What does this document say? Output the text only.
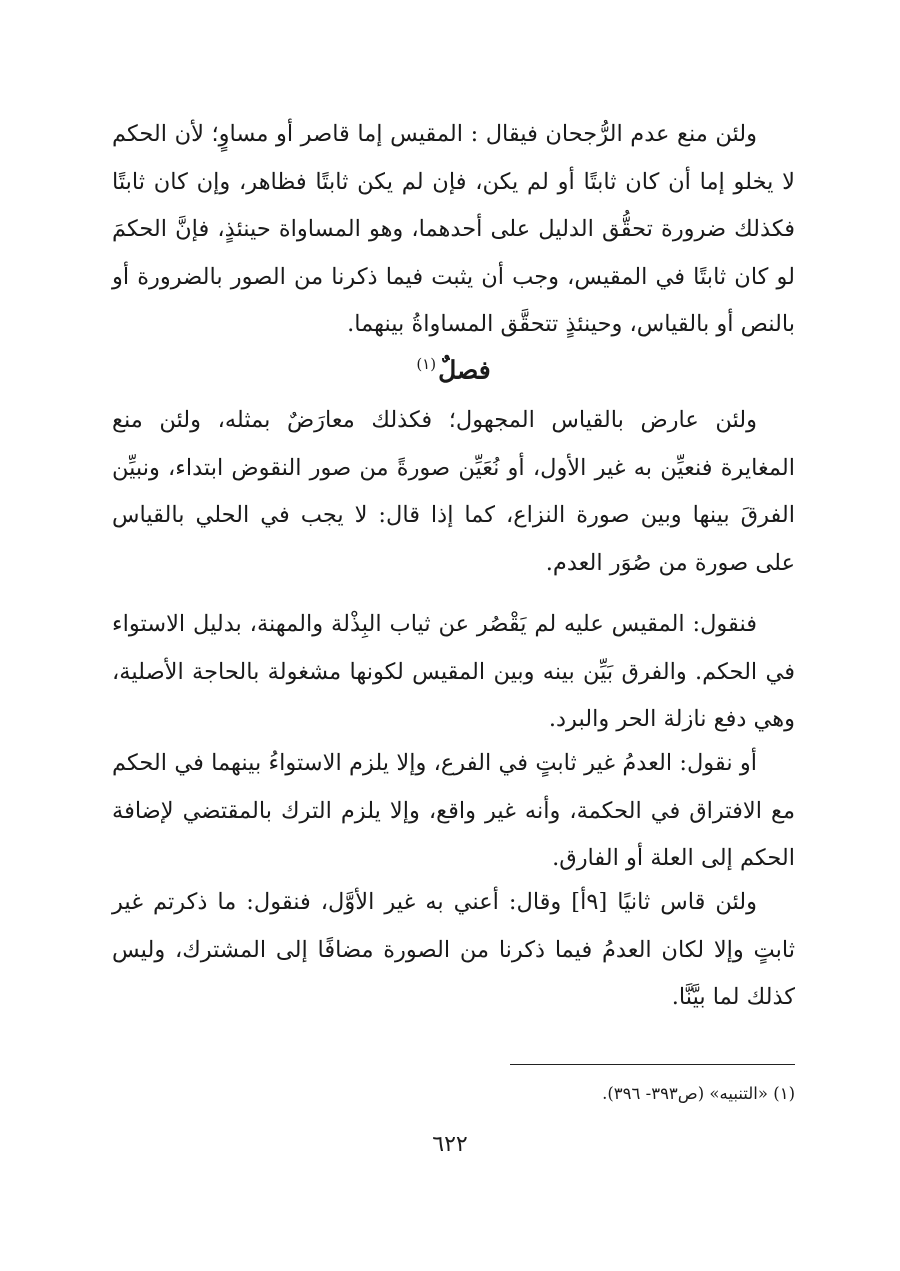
ولئن منع عدم الرُّجحان فيقال : المقيس إما قاصر أو مساوٍ؛ لأن الحكم لا يخلو إما أن كان ثابتًا أو لم يكن، فإن لم يكن ثابتًا فظاهر، وإن كان ثابتًا فكذلك ضرورة تحقُّق الدليل على أحدهما، وهو المساواة حينئذٍ، فإنَّ الحكمَ لو كان ثابتًا في المقيس، وجب أن يثبت فيما ذكرنا من الصور بالضرورة أو بالنص أو بالقياس، وحينئذٍ تتحقَّق المساواةُ بينهما.

فصلٌ$^{(١)}$

ولئن عارض بالقياس المجهول؛ فكذلك معارَضٌ بمثله، ولئن منع المغايرة فنعيِّن به غير الأول، أو نُعَيِّن صورةً من صور النقوض ابتداء، ونبيِّن الفرقَ بينها وبين صورة النزاع، كما إذا قال: لا يجب في الحلي بالقياس على صورة من صُوَر العدم.

فنقول: المقيس عليه لم يَقْصُر عن ثياب البِذْلة والمهنة، بدليل الاستواء في الحكم. والفرق بَيِّن بينه وبين المقيس لكونها مشغولة بالحاجة الأصلية، وهي دفع نازلة الحر والبرد.

أو نقول: العدمُ غير ثابتٍ في الفرع، وإلا يلزم الاستواءُ بينهما في الحكم مع الافتراق في الحكمة، وأنه غير واقع، وإلا يلزم الترك بالمقتضي لإضافة الحكم إلى العلة أو الفارق.

ولئن قاس ثانيًا [٩أ] وقال: أعني به غير الأوَّل، فنقول: ما ذكرتم غير ثابتٍ وإلا لكان العدمُ فيما ذكرنا من الصورة مضافًا إلى المشترك، وليس كذلك لما بيَّنَّا.

(١) «التنبيه» (ص٣٩٣- ٣٩٦).

٦٢٢
